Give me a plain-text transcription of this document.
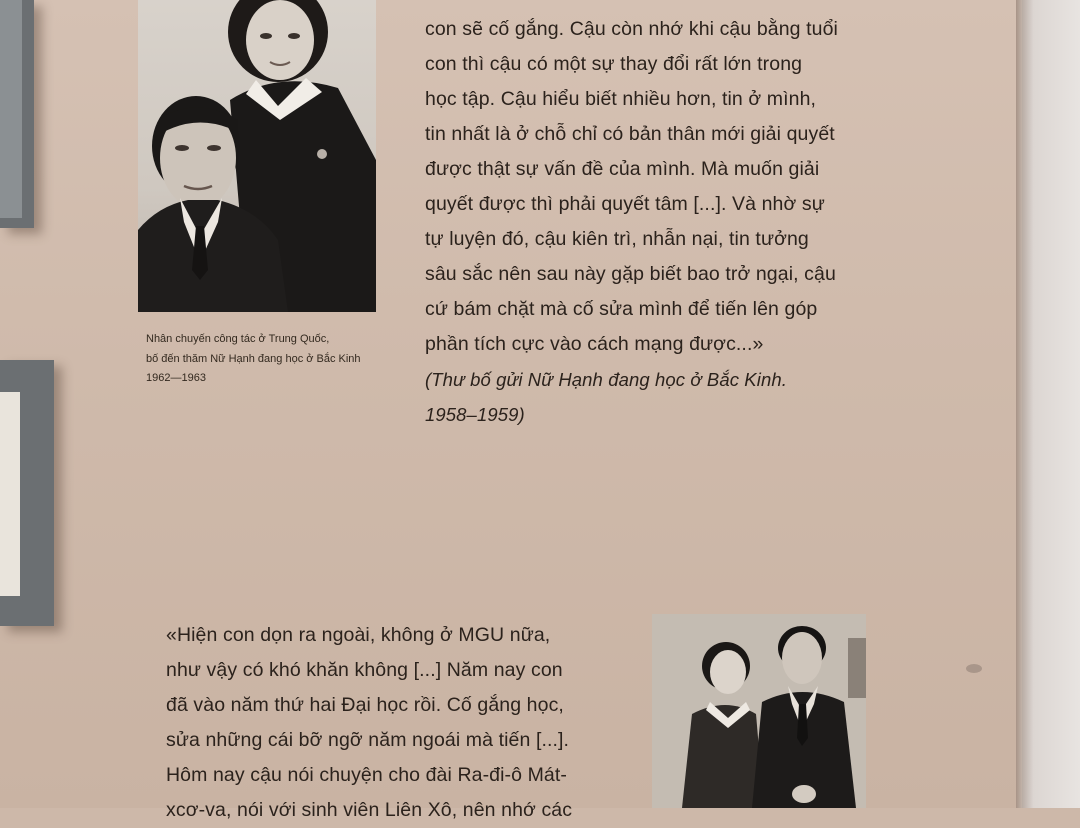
Nhân chuyến công tác ở Trung Quốc,
bố đến thăm Nữ Hạnh đang học ở Bắc Kinh
1962—1963
con sẽ cố gắng. Cậu còn nhớ khi cậu bằng tuổi
con thì cậu có một sự thay đổi rất lớn trong
học tập. Cậu hiểu biết nhiều hơn, tin ở mình,
tin nhất là ở chỗ chỉ có bản thân mới giải quyết
được thật sự vấn đề của mình. Mà muốn giải
quyết được thì phải quyết tâm [...]. Và nhờ sự
tự luyện đó, cậu kiên trì, nhẫn nại, tin tưởng
sâu sắc nên sau này gặp biết bao trở ngại, cậu
cứ bám chặt mà cố sửa mình để tiến lên góp
phần tích cực vào cách mạng được...»
(Thư bố gửi Nữ Hạnh đang học ở Bắc Kinh.
1958–1959)
«Hiện con dọn ra ngoài, không ở MGU nữa,
như vậy có khó khăn không [...] Năm nay con
đã vào năm thứ hai Đại học rồi. Cố gắng học,
sửa những cái bỡ ngỡ năm ngoái mà tiến [...].
Hôm nay cậu nói chuyện cho đài Ra-đi-ô Mát-
xcơ-va, nói với sinh viên Liên Xô, nên nhớ các
